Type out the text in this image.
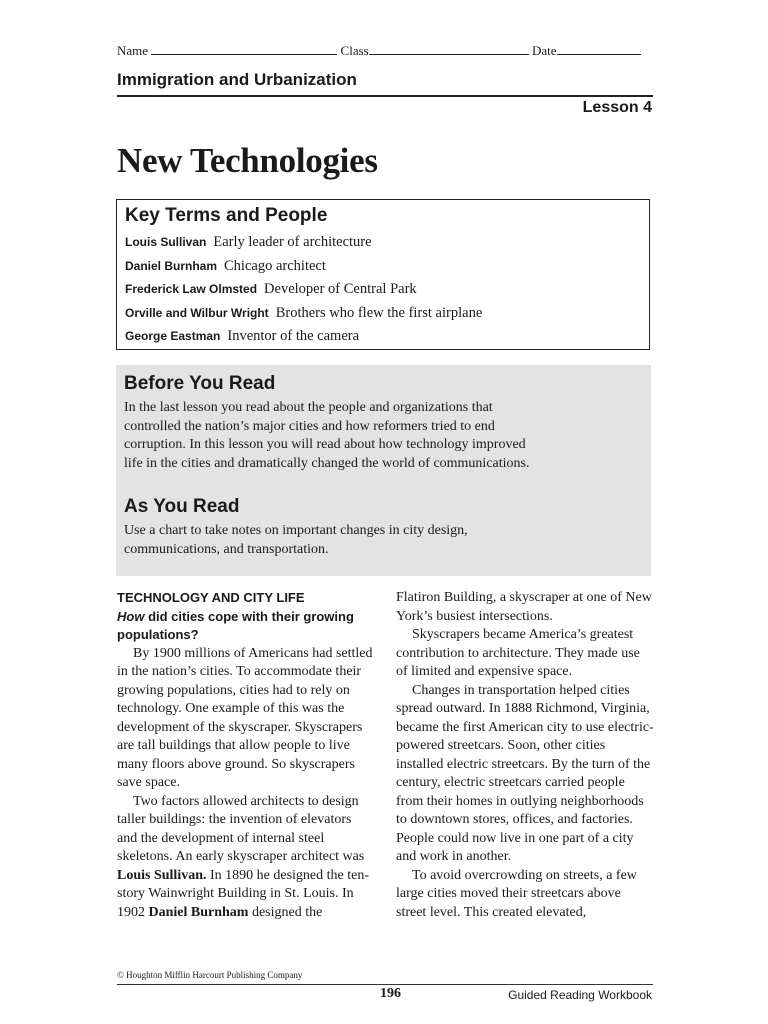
Name	Class	Date
Immigration and Urbanization
Lesson 4
New Technologies
Key Terms and People
Louis Sullivan Early leader of architecture
Daniel Burnham Chicago architect
Frederick Law Olmsted Developer of Central Park
Orville and Wilbur Wright Brothers who flew the first airplane
George Eastman Inventor of the camera
Before You Read

In the last lesson you read about the people and organizations that controlled the nation’s major cities and how reformers tried to end corruption. In this lesson you will read about how technology improved life in the cities and dramatically changed the world of communications.

As You Read

Use a chart to take notes on important changes in city design, communications, and transportation.

TECHNOLOGY AND CITY LIFE
How did cities cope with their growing populations?

By 1900 millions of Americans had settled in the nation’s cities. To accommodate their growing populations, cities had to rely on technology. One example of this was the development of the skyscraper. Skyscrapers are tall buildings that allow people to live many floors above ground. So skyscrapers save space.

Two factors allowed architects to design taller buildings: the invention of elevators and the development of internal steel skeletons. An early skyscraper architect was Louis Sullivan. In 1890 he designed the ten-story Wainwright Building in St. Louis. In 1902 Daniel Burnham designed the

Flatiron Building, a skyscraper at one of New York’s busiest intersections.

Skyscrapers became America’s greatest contribution to architecture. They made use of limited and expensive space.

Changes in transportation helped cities spread outward. In 1888 Richmond, Virginia, became the first American city to use electric-powered streetcars. Soon, other cities installed electric streetcars. By the turn of the century, electric streetcars carried people from their homes in outlying neighborhoods to downtown stores, offices, and factories. People could now live in one part of a city and work in another.

To avoid overcrowding on streets, a few large cities moved their streetcars above street level. This created elevated,

© Houghton Mifflin Harcourt Publishing Company
196	Guided Reading Workbook
